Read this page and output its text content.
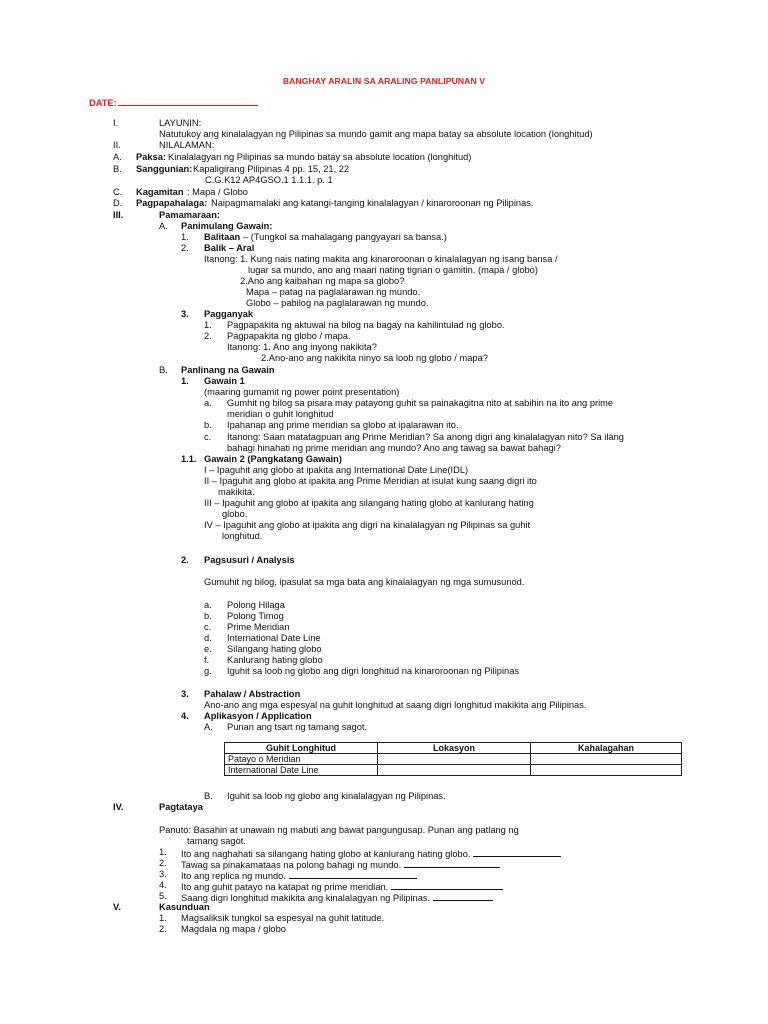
BANGHAY ARALIN SA ARALING PANLIPUNAN V
DATE:
I.	LAYUNIN:
Natutukoy ang kinalalagyan ng Pilipinas sa mundo gamit ang mapa batay sa absolute location (longhitud)
II.	NILALAMAN:
A. Paksa: Kinalalagyan ng Pilipinas sa mundo batay sa absolute location (longhitud)
B. Sanggunian: Kapaligirang Pilipinas 4 pp. 15, 21, 22
C.G.K12 AP4GSO.1 1.1.1. p. 1
C. Kagamitan : Mapa / Globo
D. Pagpapahalaga: Naipagmamalaki ang katangi-tanging kinalalagyan / kinaroroonan ng Pilipinas.
III.	Pamamaraan:
A. Panimulang Gawain:
1. Balitaan – (Tungkol sa mahalagang pangyayari sa bansa.)
2. Balik – Aral
Itanong: 1. Kung nais nating makita ang kinaroroonan o kinalalagyan ng isang bansa /
lugar sa mundo, ano ang maari nating tignan o gamitin. (mapa / globo)
2.Ano ang kaibahan ng mapa sa globo?
Mapa – patag na paglalarawan ng mundo.
Globo – pabilog na paglalarawan ng mundo.
3. Pagganyak
1. Pagpapakita ng aktuwal na bilog na bagay na kahilintulad ng globo.
2. Pagpapakita ng globo / mapa.
Itanong: 1. Ano ang inyong nakikita?
2.Ano-ano ang nakikita ninyo sa loob ng globo / mapa?
B. Panlinang na Gawain
1. Gawain 1
(maaring gumamit ng power point presentation)
a. Gumhit ng bilog sa pisara may patayong guhit sa painakagitna nito at sabihin na ito ang prime
meridian o guhit longhitud
b. Ipahanap ang prime meridian sa globo at ipalarawan ito.
c. Itanong: Saan matatagpuan ang Prime Meridian? Sa anong digri ang kinalalagyan nito? Sa ilang
bahagi hinahati ng prime meridian ang mundo? Ano ang tawag sa bawat bahagi?
1.1. Gawain 2 (Pangkatang Gawain)
I – Ipaguhit ang globo at ipakita ang International Date Line(IDL)
II – Ipaguhit ang globo at ipakita ang Prime Meridian at isulat kung saang digri ito
makikita.
III – Ipaguhit ang globo at ipakita ang silangang hating globo at kanlurang hating
globo.
IV – Ipaguhit ang globo at ipakita ang digri na kinalalagyan ng Pilipinas sa guhit
longhitud.
2. Pagsusuri / Analysis
Gumuhit ng bilog, ipasulat sa mga bata ang kinalalagyan ng mga sumusunod.
a. Polong Hilaga
b. Polong Timog
c. Prime Meridian
d. International Date Line
e. Silangang hating globo
f. Kanlurang hating globo
g. Iguhit sa loob ng globo ang digri longhitud na kinaroroonan ng Pilipinas
3. Pahalaw / Abstraction
Ano-ano ang mga espesyal na guhit longhitud at saang digri longhitud makikita ang Pilipinas.
4. Aplikasyon / Application
A. Punan ang tsart ng tamang sagot.
B. Iguhit sa loob ng globo ang kinalalagyan ng Pilipinas.
IV.	Pagtataya
Panuto: Basahin at unawain ng mabuti ang bawat pangungusap. Punan ang patlang ng
tamang sagot.
1. Ito ang naghahati sa silangang hating globo at kanlurang hating globo.
2. Tawag sa pinakamataas na polong bahagi ng mundo.
3. Ito ang replica ng mundo.
4. Ito ang guhit patayo na katapat ng prime meridian.
5. Saang digri longhitud makikita ang kinalalagyan ng Pilipinas.
V.	Kasunduan
1. Magsaliksik tungkol sa espesyal na guhit latitude.
2. Magdala ng mapa / globo
Guhit Longhitud	Lokasyon	Kahalagahan
Patayo o Meridian		
International Date Line		
